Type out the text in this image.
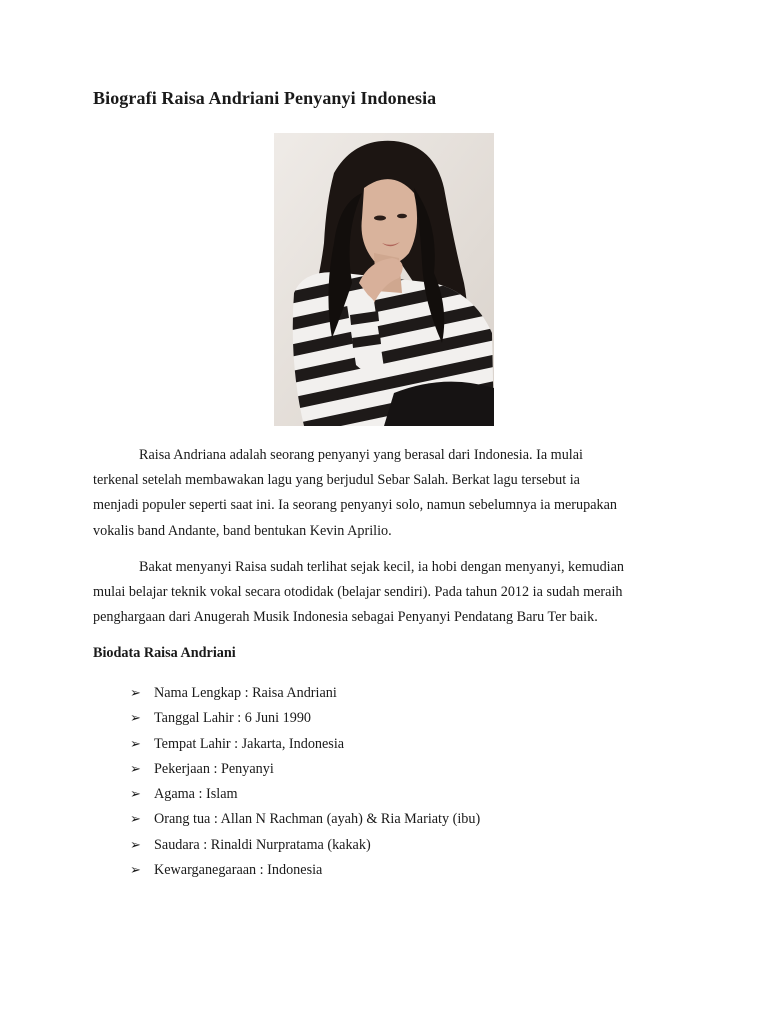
Biografi Raisa Andriani Penyanyi Indonesia
Raisa Andriana adalah seorang penyanyi yang berasal dari Indonesia. Ia mulai
terkenal setelah membawakan lagu yang berjudul Sebar Salah. Berkat lagu tersebut ia
menjadi populer seperti saat ini. Ia seorang penyanyi solo, namun sebelumnya ia merupakan
vokalis band Andante, band bentukan Kevin Aprilio.
Bakat menyanyi Raisa sudah terlihat sejak kecil, ia hobi dengan menyanyi, kemudian
mulai belajar teknik vokal secara otodidak (belajar sendiri). Pada tahun 2012 ia sudah meraih
penghargaan dari Anugerah Musik Indonesia sebagai Penyanyi Pendatang Baru Ter baik.
Biodata Raisa Andriani
➢ Nama Lengkap : Raisa Andriani
➢ Tanggal Lahir : 6 Juni 1990
➢ Tempat Lahir : Jakarta, Indonesia
➢ Pekerjaan : Penyanyi
➢ Agama : Islam
➢ Orang tua : Allan N Rachman (ayah) & Ria Mariaty (ibu)
➢ Saudara : Rinaldi Nurpratama (kakak)
➢ Kewarganegaraan : Indonesia
